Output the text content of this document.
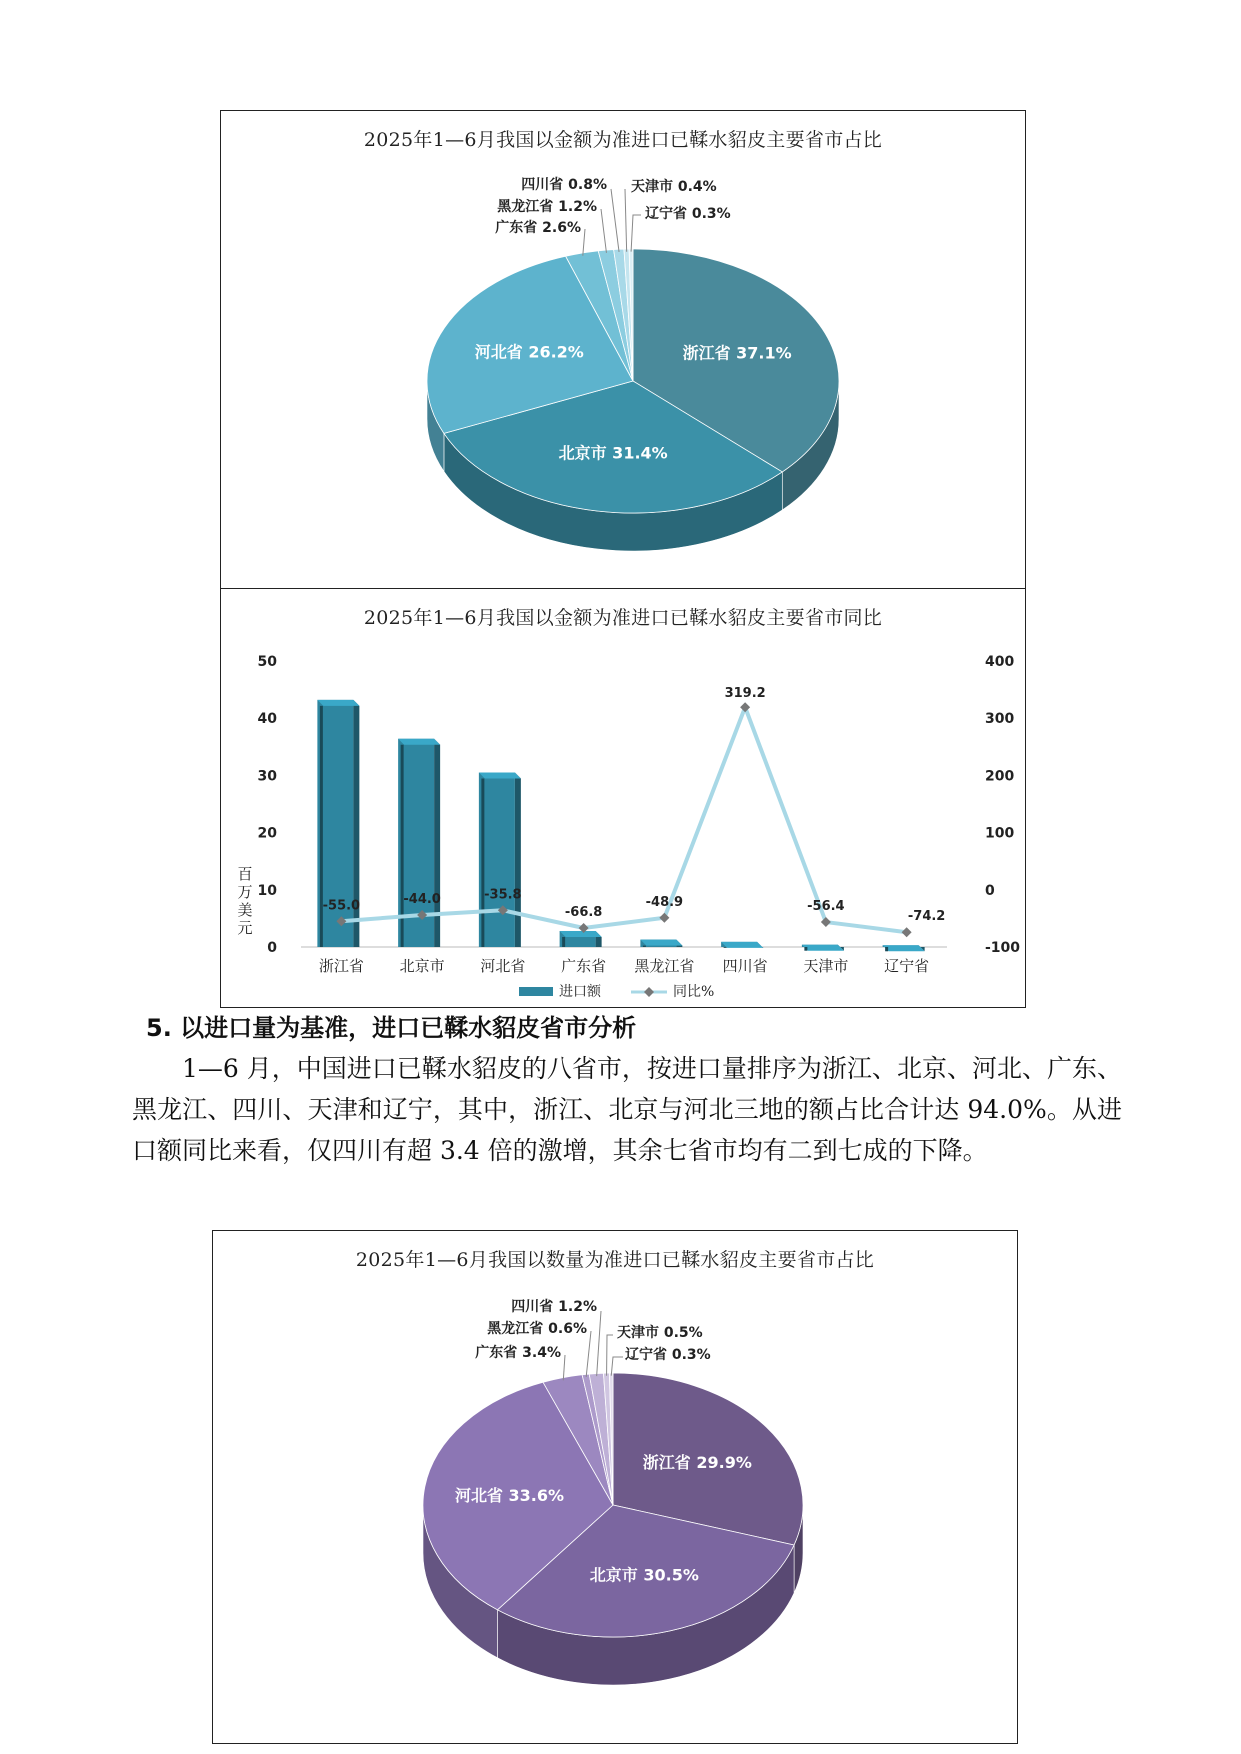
2025年1—6月我国以金额为准进口已鞣水貂皮主要省市占比
浙江省 37.1%
北京市 31.4%
河北省 26.2%
广东省 2.6%
黑龙江省 1.2%
四川省 0.8% 天津市 0.4%
辽宁省 0.3%
2025年1—6月我国以金额为准进口已鞣水貂皮主要省市同比
50
40
30
20
10
0
400
300
200
100
0
-100
百
万
美
元
-55.0	-44.0	-35.8
-66.8
-48.9
319.2
-56.4
-74.2
浙江省 北京市 河北省 广东省 黑龙江省 四川省 天津市 辽宁省
进口额	同比%
5. 以进口量为基准，进口已鞣水貂皮省市分析

1—6 月，中国进口已鞣水貂皮的八省市，按进口量排序为浙江、北京、河北、广东、黑龙江、四川、天津和辽宁，其中，浙江、北京与河北三地的额占比合计达 94.0%。从进口额同比来看，仅四川有超 3.4 倍的激增，其余七省市均有二到七成的下降。

2025年1—6月我国以数量为准进口已鞣水貂皮主要省市占比
浙江省 29.9%
北京市 30.5%
河北省 33.6%
广东省 3.4%
黑龙江省 0.6%
四川省 1.2%
天津市 0.5%
辽宁省 0.3%
